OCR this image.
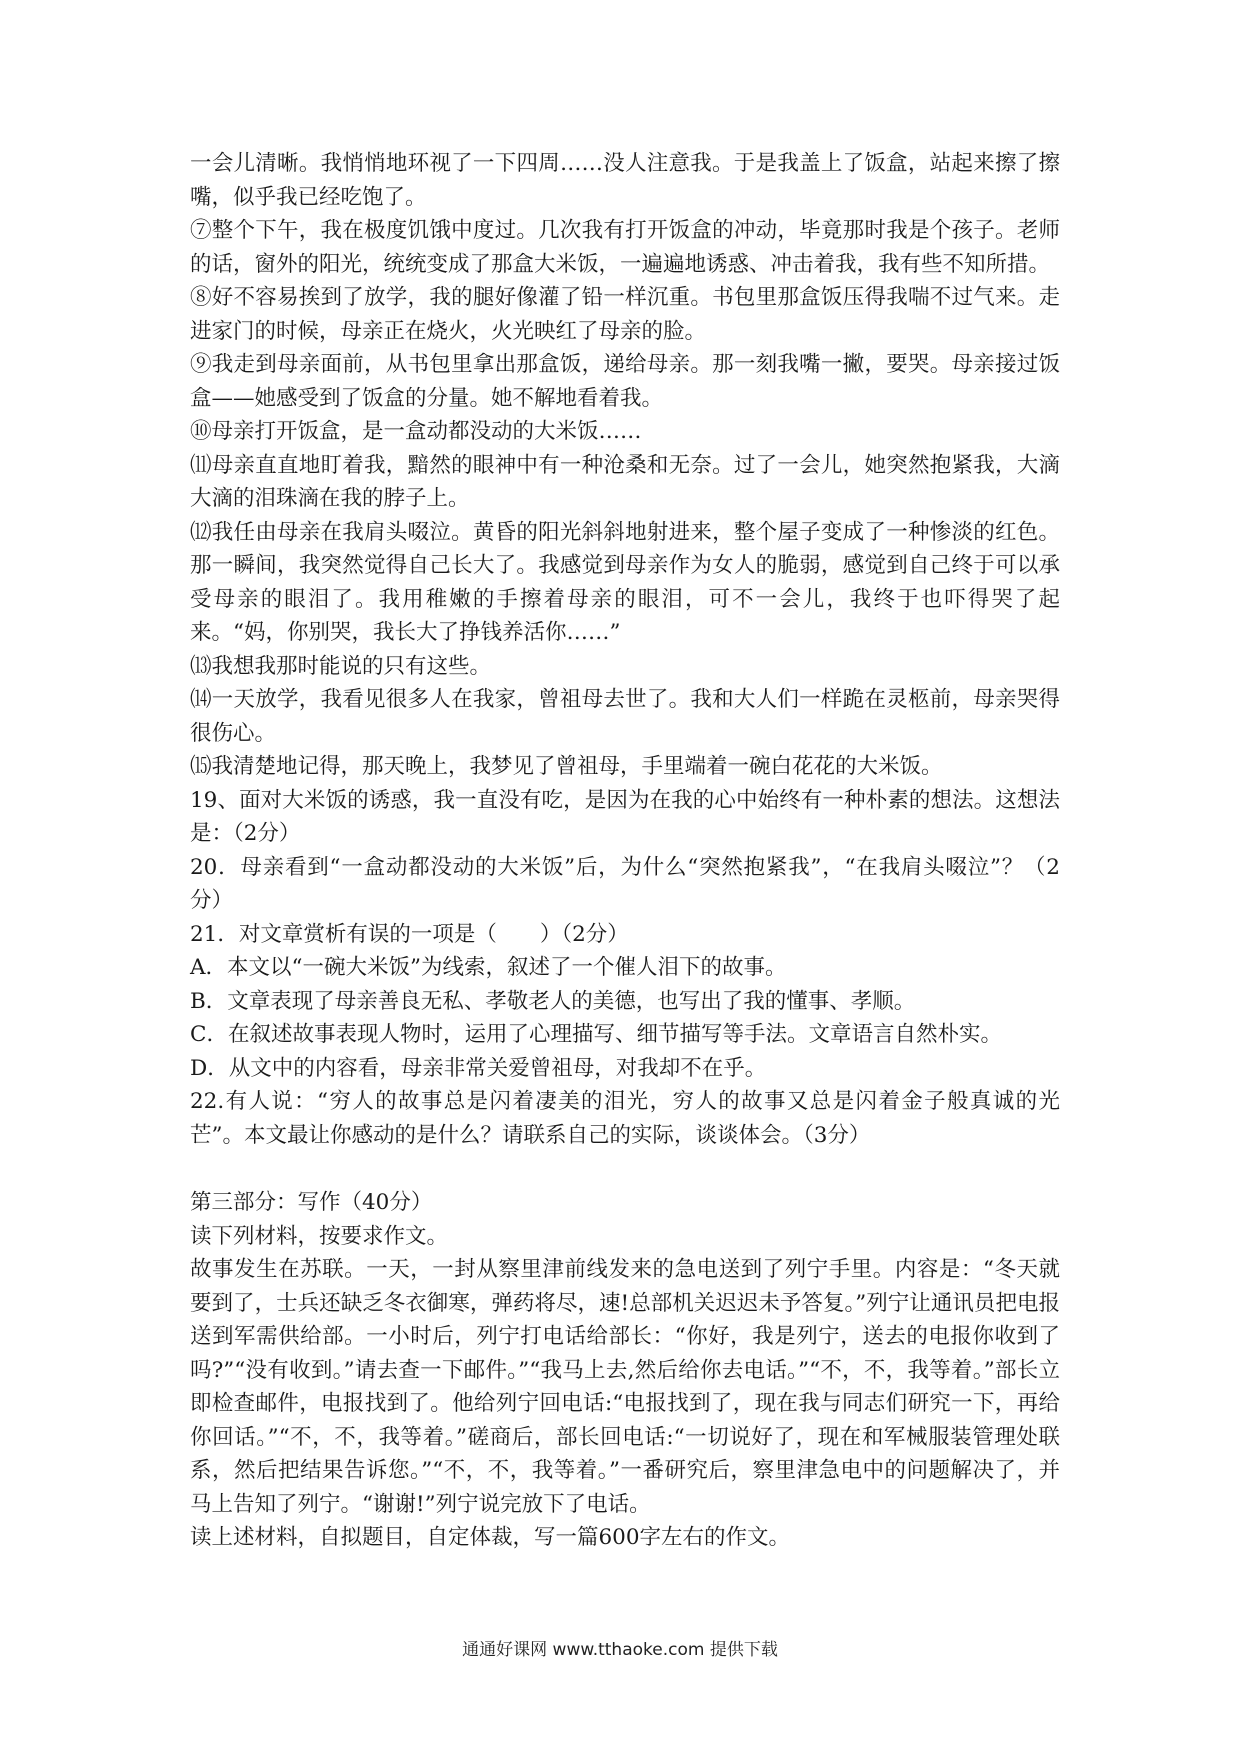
一会儿清晰。我悄悄地环视了一下四周……没人注意我。于是我盖上了饭盒，站起来擦了擦嘴，似乎我已经吃饱了。

⑦整个下午，我在极度饥饿中度过。几次我有打开饭盒的冲动，毕竟那时我是个孩子。老师的话，窗外的阳光，统统变成了那盒大米饭，一遍遍地诱惑、冲击着我，我有些不知所措。

⑧好不容易挨到了放学，我的腿好像灌了铅一样沉重。书包里那盒饭压得我喘不过气来。走进家门的时候，母亲正在烧火，火光映红了母亲的脸。

⑨我走到母亲面前，从书包里拿出那盒饭，递给母亲。那一刻我嘴一撇，要哭。母亲接过饭盒——她感受到了饭盒的分量。她不解地看着我。

⑩母亲打开饭盒，是一盒动都没动的大米饭……

⑾母亲直直地盯着我，黯然的眼神中有一种沧桑和无奈。过了一会儿，她突然抱紧我，大滴大滴的泪珠滴在我的脖子上。

⑿我任由母亲在我肩头啜泣。黄昏的阳光斜斜地射进来，整个屋子变成了一种惨淡的红色。那一瞬间，我突然觉得自己长大了。我感觉到母亲作为女人的脆弱，感觉到自己终于可以承受母亲的眼泪了。我用稚嫩的手擦着母亲的眼泪，可不一会儿，我终于也吓得哭了起来。“妈，你别哭，我长大了挣钱养活你……”

⒀我想我那时能说的只有这些。

⒁一天放学，我看见很多人在我家，曾祖母去世了。我和大人们一样跪在灵柩前，母亲哭得很伤心。

⒂我清楚地记得，那天晚上，我梦见了曾祖母，手里端着一碗白花花的大米饭。

19、面对大米饭的诱惑，我一直没有吃，是因为在我的心中始终有一种朴素的想法。这想法是：（2分）

20．母亲看到“一盒动都没动的大米饭”后，为什么“突然抱紧我”，“在我肩头啜泣”？（2分）

21．对文章赏析有误的一项是（　　）（2分）

A．本文以“一碗大米饭”为线索，叙述了一个催人泪下的故事。

B．文章表现了母亲善良无私、孝敬老人的美德，也写出了我的懂事、孝顺。

C．在叙述故事表现人物时，运用了心理描写、细节描写等手法。文章语言自然朴实。

D．从文中的内容看，母亲非常关爱曾祖母，对我却不在乎。

22.有人说：“穷人的故事总是闪着凄美的泪光，穷人的故事又总是闪着金子般真诚的光芒”。本文最让你感动的是什么？请联系自己的实际，谈谈体会。（3分）

第三部分：写作（40分）

读下列材料，按要求作文。

故事发生在苏联。一天，一封从察里津前线发来的急电送到了列宁手里。内容是：“冬天就要到了，士兵还缺乏冬衣御寒，弹药将尽，速!总部机关迟迟未予答复。”列宁让通讯员把电报送到军需供给部。一小时后，列宁打电话给部长：“你好，我是列宁，送去的电报你收到了吗?”“没有收到。”请去查一下邮件。”“我马上去,然后给你去电话。”“不，不，我等着。”部长立即检查邮件，电报找到了。他给列宁回电话:“电报找到了，现在我与同志们研究一下，再给你回话。”“不，不，我等着。”磋商后，部长回电话:“一切说好了，现在和军械服装管理处联系，然后把结果告诉您。”“不，不，我等着。”一番研究后，察里津急电中的问题解决了，并马上告知了列宁。“谢谢!”列宁说完放下了电话。

读上述材料，自拟题目，自定体裁，写一篇600字左右的作文。

通通好课网 www.tthaoke.com 提供下载
